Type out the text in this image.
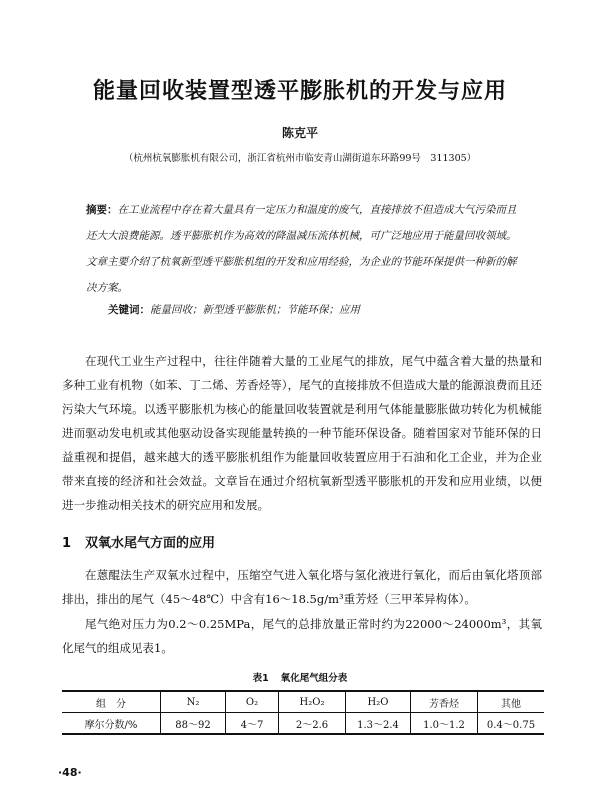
能量回收装置型透平膨胀机的开发与应用
陈克平
（杭州杭氧膨胀机有限公司，浙江省杭州市临安青山湖街道东环路99号　311305）
摘要：在工业流程中存在着大量具有一定压力和温度的废气，直接排放不但造成大气污染而且还大大浪费能源。透平膨胀机作为高效的降温减压流体机械，可广泛地应用于能量回收领域。文章主要介绍了杭氧新型透平膨胀机组的开发和应用经验，为企业的节能环保提供一种新的解决方案。
关键词：能量回收；新型透平膨胀机；节能环保；应用
在现代工业生产过程中，往往伴随着大量的工业尾气的排放，尾气中蕴含着大量的热量和多种工业有机物（如苯、丁二烯、芳香烃等），尾气的直接排放不但造成大量的能源浪费而且还污染大气环境。以透平膨胀机为核心的能量回收装置就是利用气体能量膨胀做功转化为机械能进而驱动发电机或其他驱动设备实现能量转换的一种节能环保设备。随着国家对节能环保的日益重视和提倡，越来越大的透平膨胀机组作为能量回收装置应用于石油和化工企业，并为企业带来直接的经济和社会效益。文章旨在通过介绍杭氧新型透平膨胀机的开发和应用业绩，以便进一步推动相关技术的研究应用和发展。
1 双氧水尾气方面的应用
在蒽醌法生产双氧水过程中，压缩空气进入氧化塔与氢化液进行氧化，而后由氧化塔顶部排出，排出的尾气（45～48℃）中含有16～18.5g/m³重芳烃（三甲苯异构体）。
尾气绝对压力为0.2～0.25MPa，尾气的总排放量正常时约为22000～24000m³，其氧化尾气的组成见表1。
表1 氧化尾气组分表
组　分	N₂	O₂	H₂O₂	H₂O	芳香烃	其他
摩尔分数/%	88～92	4～7	2～2.6	1.3～2.4	1.0～1.2	0.4～0.75
·48·
